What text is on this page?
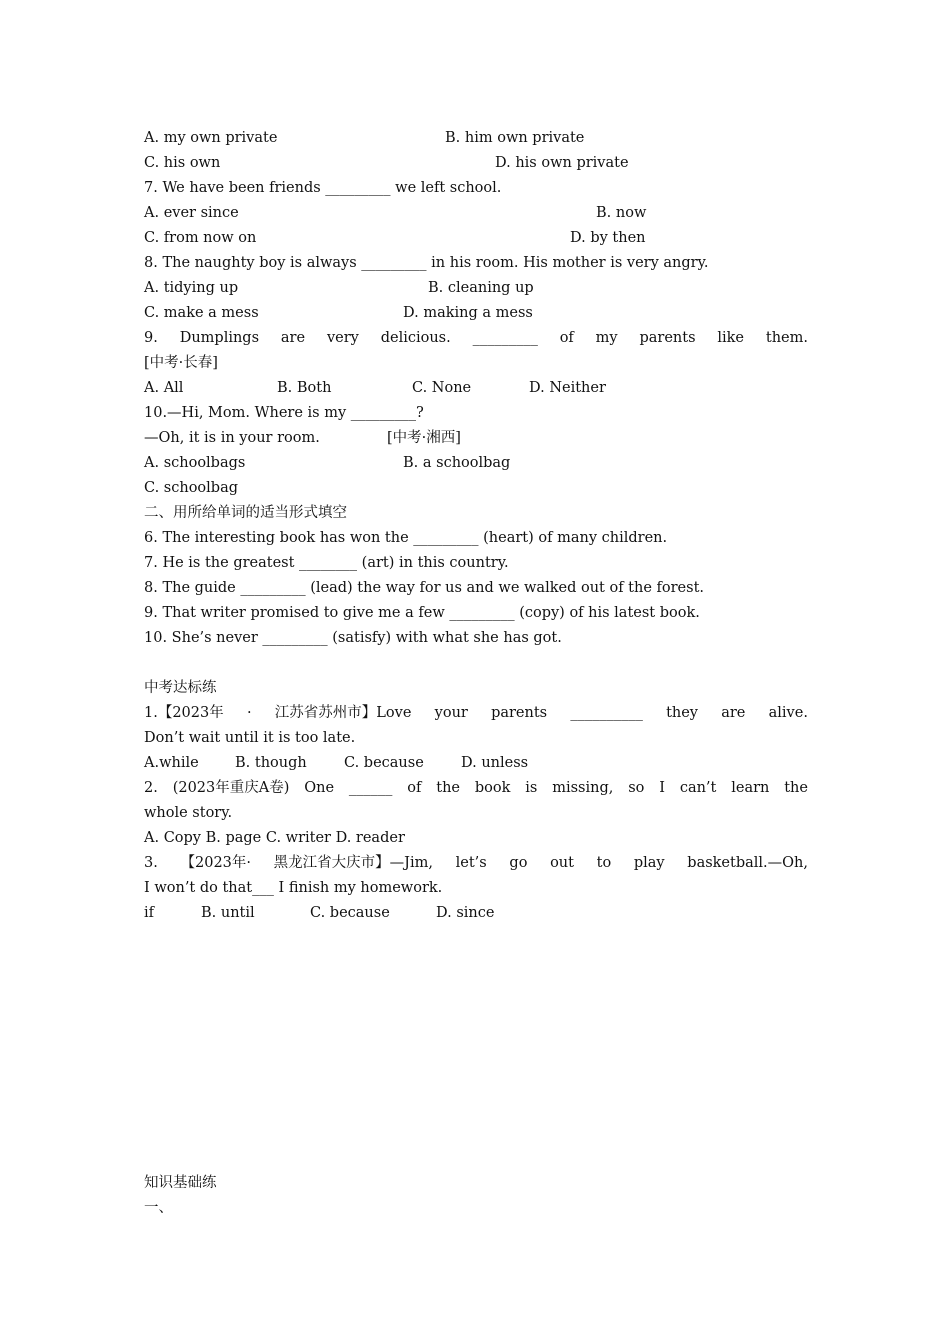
A. my own private

	B. him own private

C. his own

	D. his own private

7. We have been friends _________ we left school.

A. ever since

	B. now

C. from now on

	D. by then

8. The naughty boy is always _________ in his room. His mother is very angry.

A. tidying up

	B. cleaning up

C. make a mess

	D. making a mess

9. Dumplings are very delicious. _________ of my parents like them.
[中考·长春]

A. All

	B. Both

	C. None

	D. Neither

10.—Hi, Mom. Where is my _________?

—Oh, it is in your room.

	[中考·湘西]

A. schoolbags

	B. a schoolbag

C. schoolbag
二、用所给单词的适当形式填空
6. The interesting book has won the _________ (heart) of many children.
7. He is the greatest ________ (art) in this country.
8. The guide _________ (lead) the way for us and we walked out of the forest.
9. That writer promised to give me a few _________ (copy) of his latest book.
10. She’s never _________ (satisfy) with what she has got.
中考达标练
1.【2023年 · 江苏省苏州市】Love your parents __________ they are alive.
Don’t wait until it is too late.

A.while

	B. though

	C. because

	D. unless

2. (2023年重庆A卷) One ______ of the book is missing, so I can’t learn the
whole story.
A. Copy B. page C. writer D. reader
3. 【2023年· 黑龙江省大庆市】—Jim, let’s go out to play basketball.—Oh,
I won’t do that___ I finish my homework.

if

	B. until

	C. because

	D. since

知识基础练
一、
